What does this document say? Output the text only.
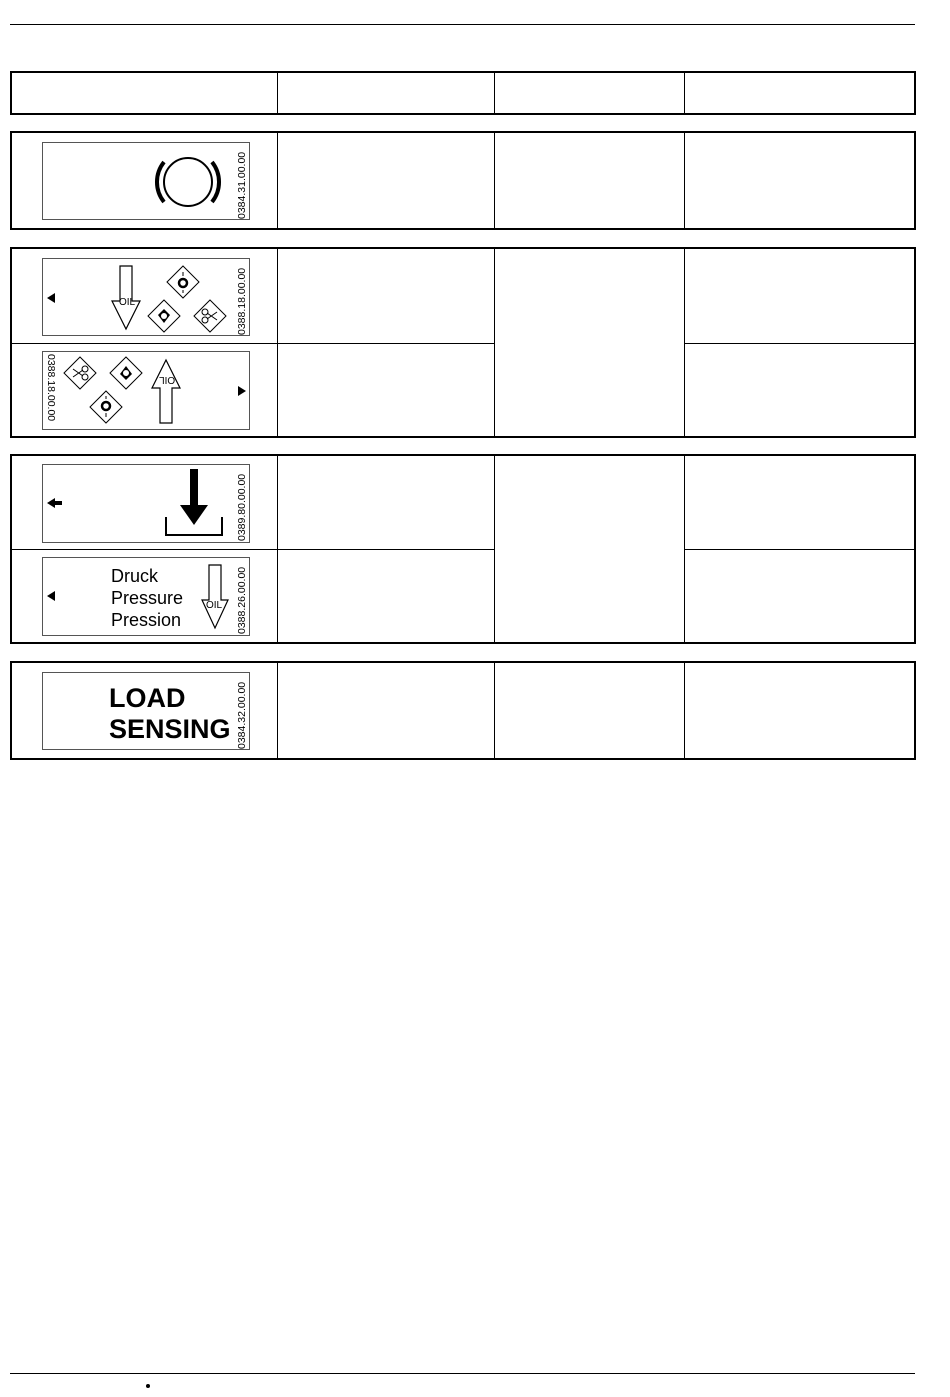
0384.31.00.00
OIL	0388.18.00.00
0388.18.00.00	OIL
0389.80.00.00
Druck
Pressure
Pression
OIL 0388.26.00.00
LOAD
SENSING 0384.32.00.00
